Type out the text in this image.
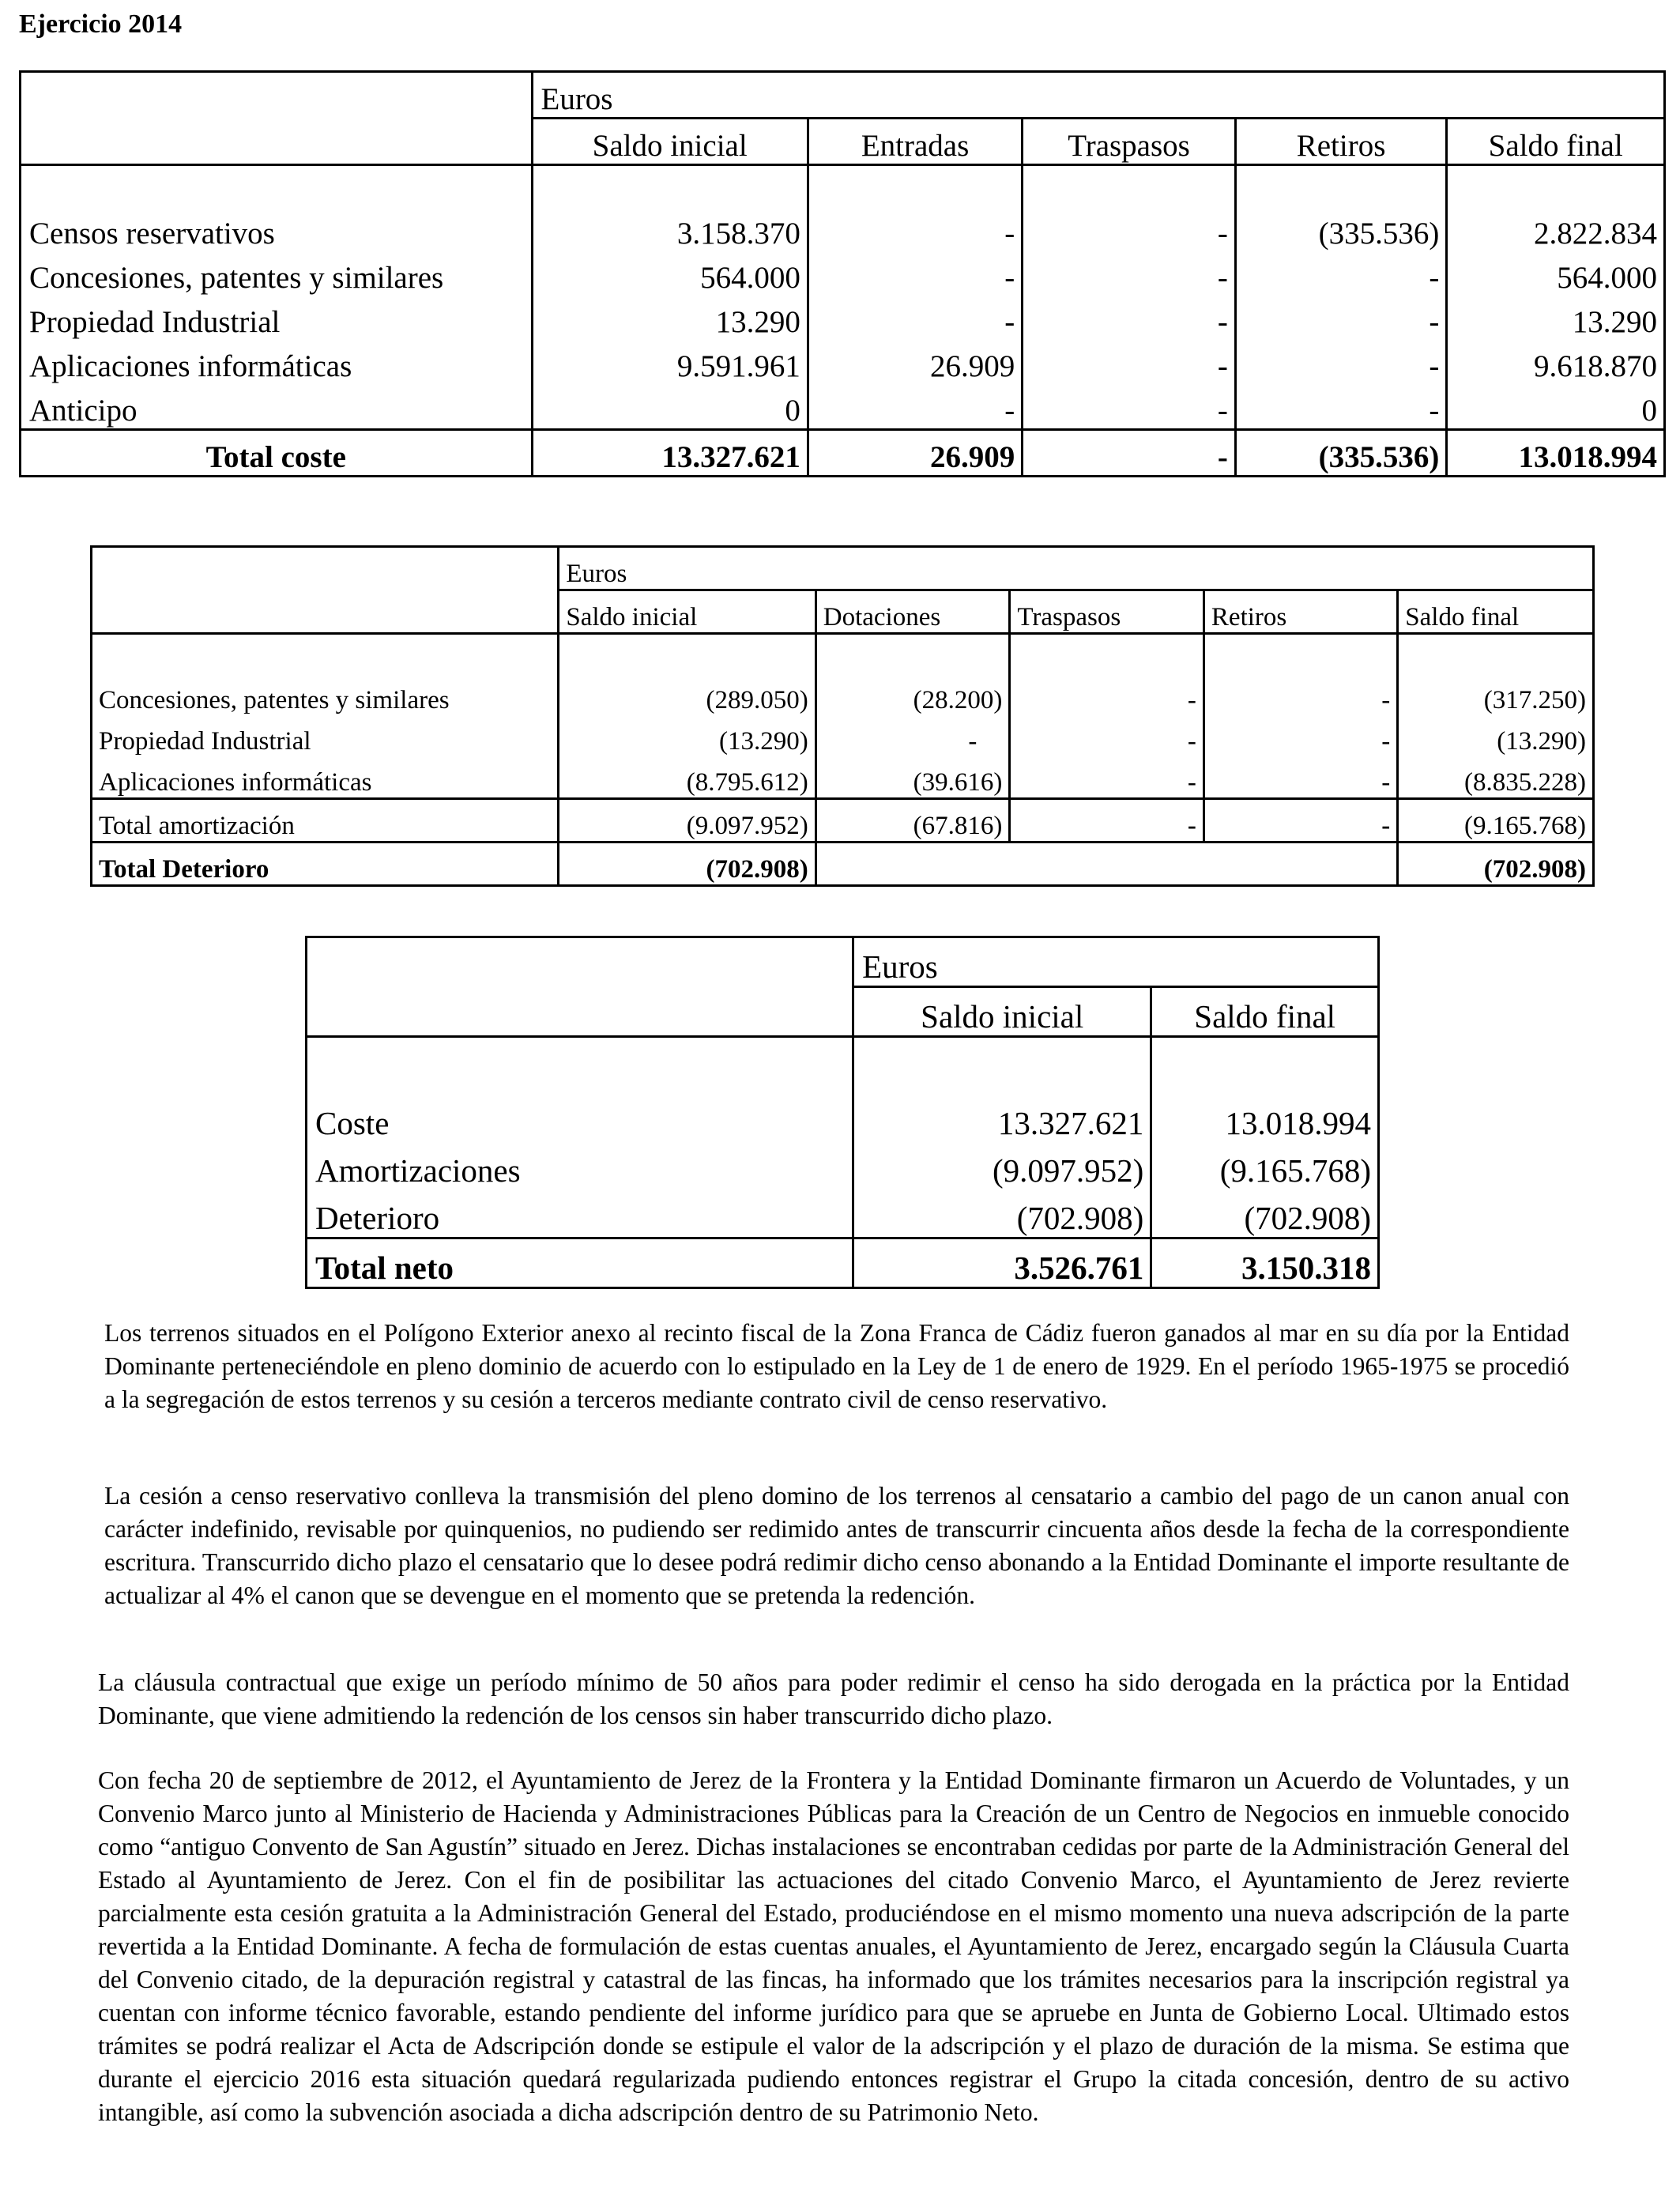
Ejercicio 2014
	Euros				
	Saldo inicial	Entradas	Traspasos	Retiros	Saldo final

Censos reservativos	3.158.370	-	-	(335.536)	2.822.834
Concesiones, patentes y similares	564.000	-	-	-	564.000
Propiedad Industrial	13.290	-	-	-	13.290
Aplicaciones informáticas	9.591.961	26.909	-	-	9.618.870
Anticipo	0	-	-	-	0
Total coste	13.327.621	26.909	-	(335.536)	13.018.994
	Euros				
	Saldo inicial	Dotaciones	Traspasos	Retiros	Saldo final

Concesiones, patentes y similares	(289.050)	(28.200)	-	-	(317.250)
Propiedad Industrial	(13.290)	-	-	-	(13.290)
Aplicaciones informáticas	(8.795.612)	(39.616)	-	-	(8.835.228)
Total amortización	(9.097.952)	(67.816)	-	-	(9.165.768)
Total Deterioro	(702.908)				(702.908)
	Euros	
	Saldo inicial	Saldo final

Coste	13.327.621	13.018.994
Amortizaciones	(9.097.952)	(9.165.768)
Deterioro	(702.908)	(702.908)
Total neto	3.526.761	3.150.318

Los terrenos situados en el Polígono Exterior anexo al recinto fiscal de la Zona Franca de Cádiz fueron ganados al mar en su día por la Entidad Dominante perteneciéndole en pleno dominio de acuerdo con lo estipulado en la Ley de 1 de enero de 1929. En el período 1965-1975 se procedió a la segregación de estos terrenos y su cesión a terceros mediante contrato civil de censo reservativo.

La cesión a censo reservativo conlleva la transmisión del pleno domino de los terrenos al censatario a cambio del pago de un canon anual con carácter indefinido, revisable por quinquenios, no pudiendo ser redimido antes de transcurrir cincuenta años desde la fecha de la correspondiente escritura. Transcurrido dicho plazo el censatario que lo desee podrá redimir dicho censo abonando a la Entidad Dominante el importe resultante de actualizar al 4% el canon que se devengue en el momento que se pretenda la redención.

La cláusula contractual que exige un período mínimo de 50 años para poder redimir el censo ha sido derogada en la práctica por la Entidad Dominante, que viene admitiendo la redención de los censos sin haber transcurrido dicho plazo.

Con fecha 20 de septiembre de 2012, el Ayuntamiento de Jerez de la Frontera y la Entidad Dominante firmaron un Acuerdo de Voluntades, y un Convenio Marco junto al Ministerio de Hacienda y Administraciones Públicas para la Creación de un Centro de Negocios en inmueble conocido como “antiguo Convento de San Agustín” situado en Jerez. Dichas instalaciones se encontraban cedidas por parte de la Administración General del Estado al Ayuntamiento de Jerez. Con el fin de posibilitar las actuaciones del citado Convenio Marco, el Ayuntamiento de Jerez revierte parcialmente esta cesión gratuita a la Administración General del Estado, produciéndose en el mismo momento una nueva adscripción de la parte revertida a la Entidad Dominante. A fecha de formulación de estas cuentas anuales, el Ayuntamiento de Jerez, encargado según la Cláusula Cuarta del Convenio citado, de la depuración registral y catastral de las fincas, ha informado que los trámites necesarios para la inscripción registral ya cuentan con informe técnico favorable, estando pendiente del informe jurídico para que se apruebe en Junta de Gobierno Local. Ultimado estos trámites se podrá realizar el Acta de Adscripción donde se estipule el valor de la adscripción y el plazo de duración de la misma. Se estima que durante el ejercicio 2016 esta situación quedará regularizada pudiendo entonces registrar el Grupo la citada concesión, dentro de su activo intangible, así como la subvención asociada a dicha adscripción dentro de su Patrimonio Neto.
